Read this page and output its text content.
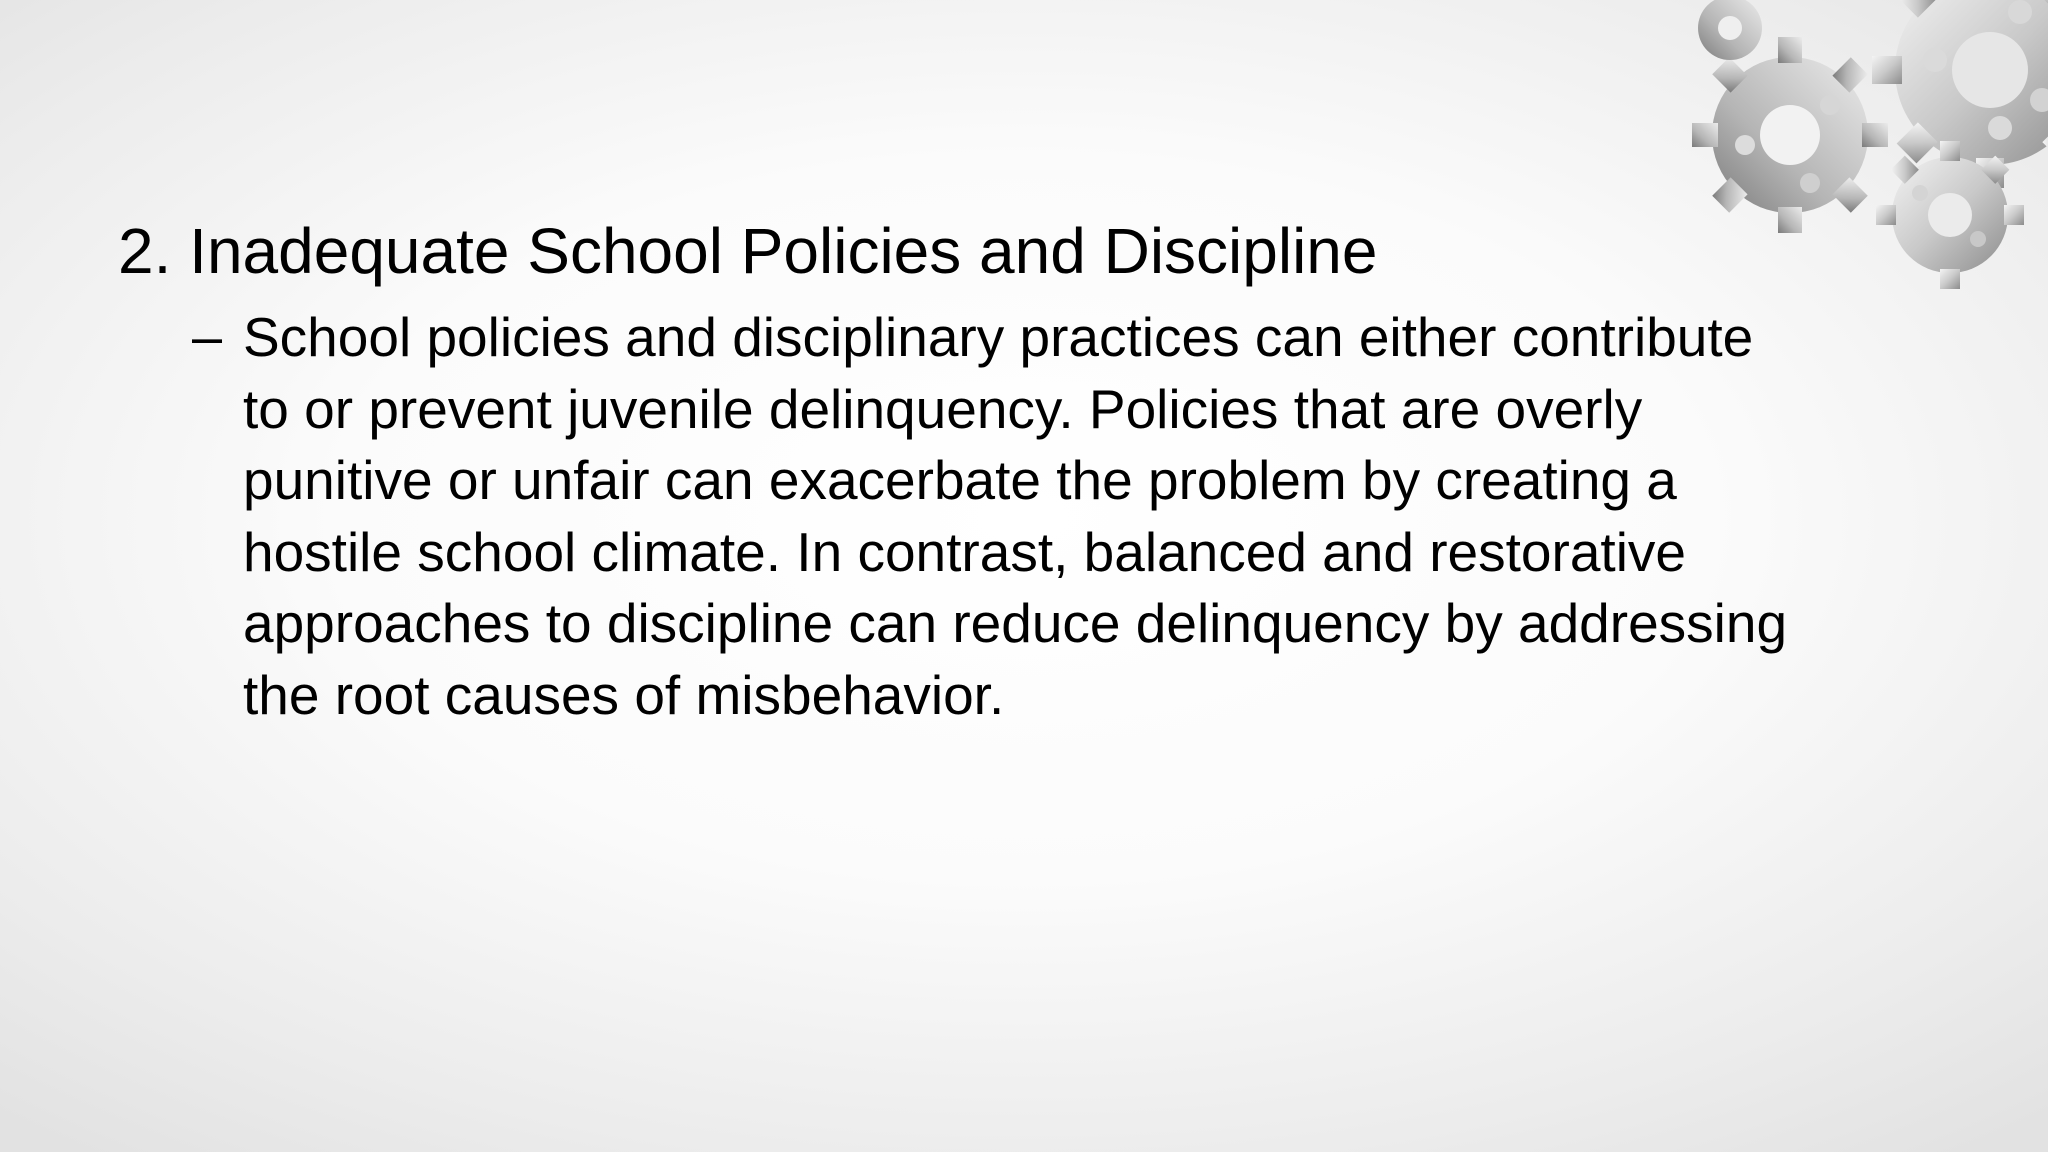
2. Inadequate School Policies and Discipline
– School policies and disciplinary practices can either contribute
to or prevent juvenile delinquency. Policies that are overly
punitive or unfair can exacerbate the problem by creating a
hostile school climate. In contrast, balanced and restorative
approaches to discipline can reduce delinquency by addressing
the root causes of misbehavior.
